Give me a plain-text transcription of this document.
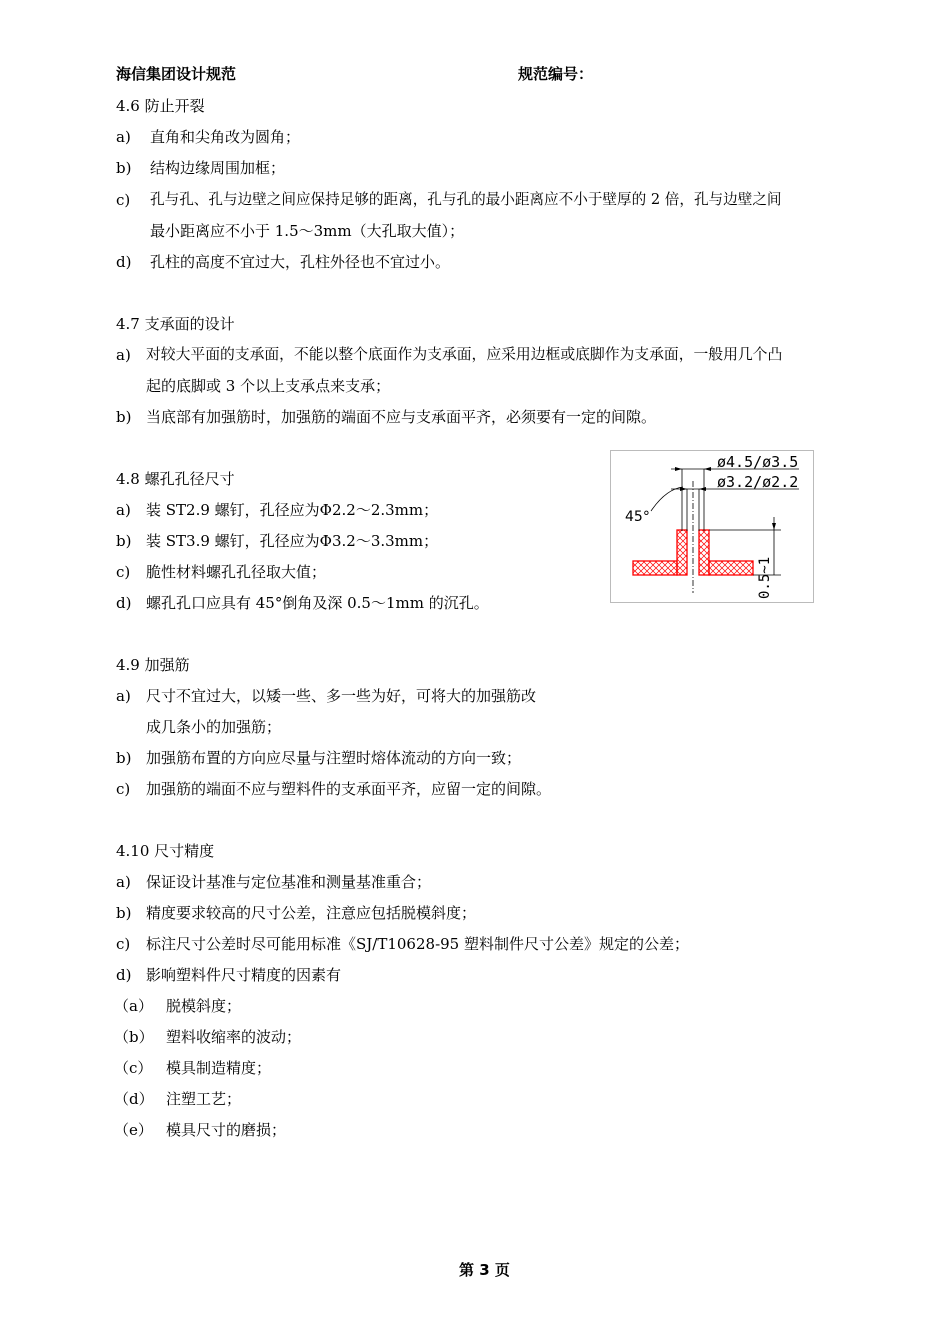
海信集团设计规范	规范编号：
4.6 防止开裂
a) 直角和尖角改为圆角；
b) 结构边缘周围加框；
c) 孔与孔、孔与边壁之间应保持足够的距离，孔与孔的最小距离应不小于壁厚的 2 倍，孔与边壁之间
最小距离应不小于 1.5～3mm（大孔取大值）；
d) 孔柱的高度不宜过大，孔柱外径也不宜过小。
4.7 支承面的设计
a) 对较大平面的支承面，不能以整个底面作为支承面，应采用边框或底脚作为支承面，一般用几个凸
起的底脚或 3 个以上支承点来支承；
b) 当底部有加强筋时，加强筋的端面不应与支承面平齐，必须要有一定的间隙。
4.8 螺孔孔径尺寸
a) 装 ST2.9 螺钉，孔径应为Φ2.2～2.3mm；
b) 装 ST3.9 螺钉，孔径应为Φ3.2～3.3mm；
c) 脆性材料螺孔孔径取大值；
d) 螺孔孔口应具有 45°倒角及深 0.5～1mm 的沉孔。
ø4.5/ø3.5
ø3.2/ø2.2
45°
0.5~1
4.9 加强筋
a) 尺寸不宜过大，以矮一些、多一些为好，可将大的加强筋改
成几条小的加强筋；
b) 加强筋布置的方向应尽量与注塑时熔体流动的方向一致；
c) 加强筋的端面不应与塑料件的支承面平齐，应留一定的间隙。
4.10 尺寸精度
a) 保证设计基准与定位基准和测量基准重合；
b) 精度要求较高的尺寸公差，注意应包括脱模斜度；
c) 标注尺寸公差时尽可能用标准《SJ/T10628-95 塑料制件尺寸公差》规定的公差；
d) 影响塑料件尺寸精度的因素有
（a） 脱模斜度；
（b） 塑料收缩率的波动；
（c） 模具制造精度；
（d） 注塑工艺；
（e） 模具尺寸的磨损；
第 3 页
